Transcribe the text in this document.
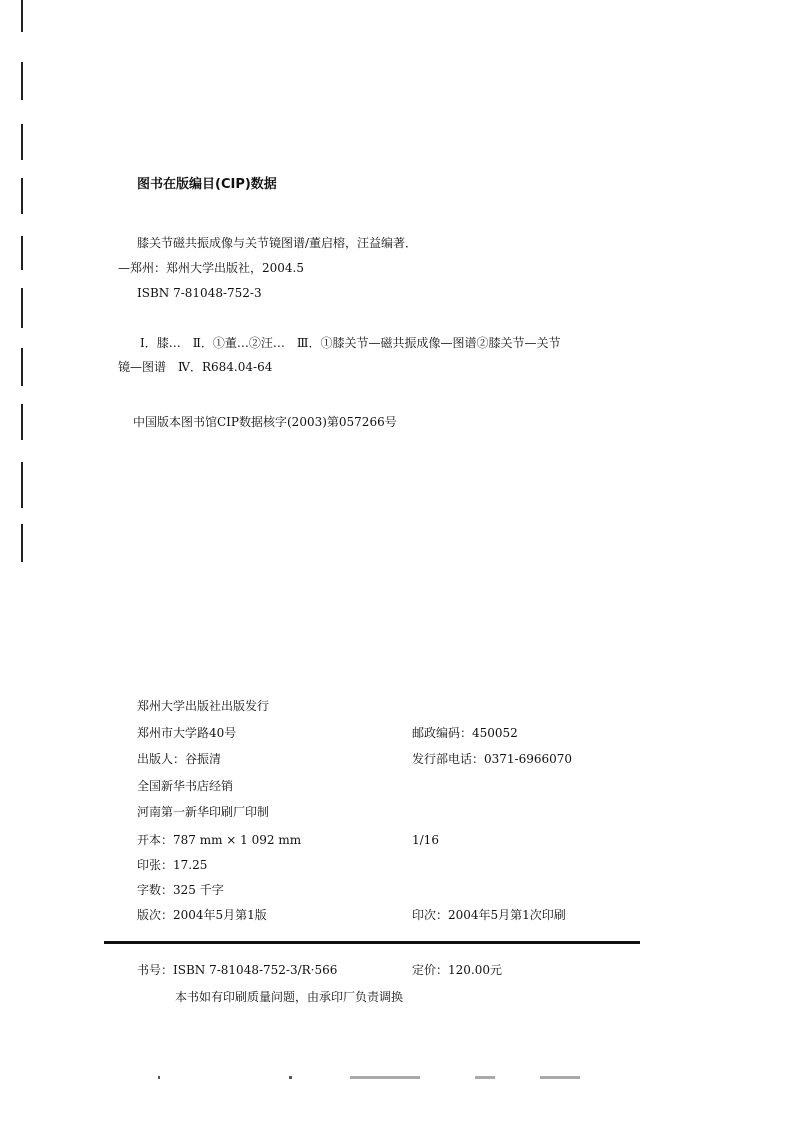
图书在版编目(CIP)数据
膝关节磁共振成像与关节镜图谱/董启榕，汪益编著．
—郑州：郑州大学出版社，2004.5
ISBN 7-81048-752-3
Ⅰ．膝…　Ⅱ．①董…②汪…　Ⅲ．①膝关节—磁共振成像—图谱②膝关节—关节
镜—图谱　Ⅳ．R684.04-64
中国版本图书馆CIP数据核字(2003)第057266号
郑州大学出版社出版发行
郑州市大学路40号	邮政编码：450052
出版人：谷振清	发行部电话：0371-6966070
全国新华书店经销
河南第一新华印刷厂印制
开本：787 mm × 1 092 mm	1/16
印张：17.25
字数：325 千字
版次：2004年5月第1版	印次：2004年5月第1次印刷
书号：ISBN 7-81048-752-3/R·566	定价：120.00元
本书如有印刷质量问题，由承印厂负责调换
